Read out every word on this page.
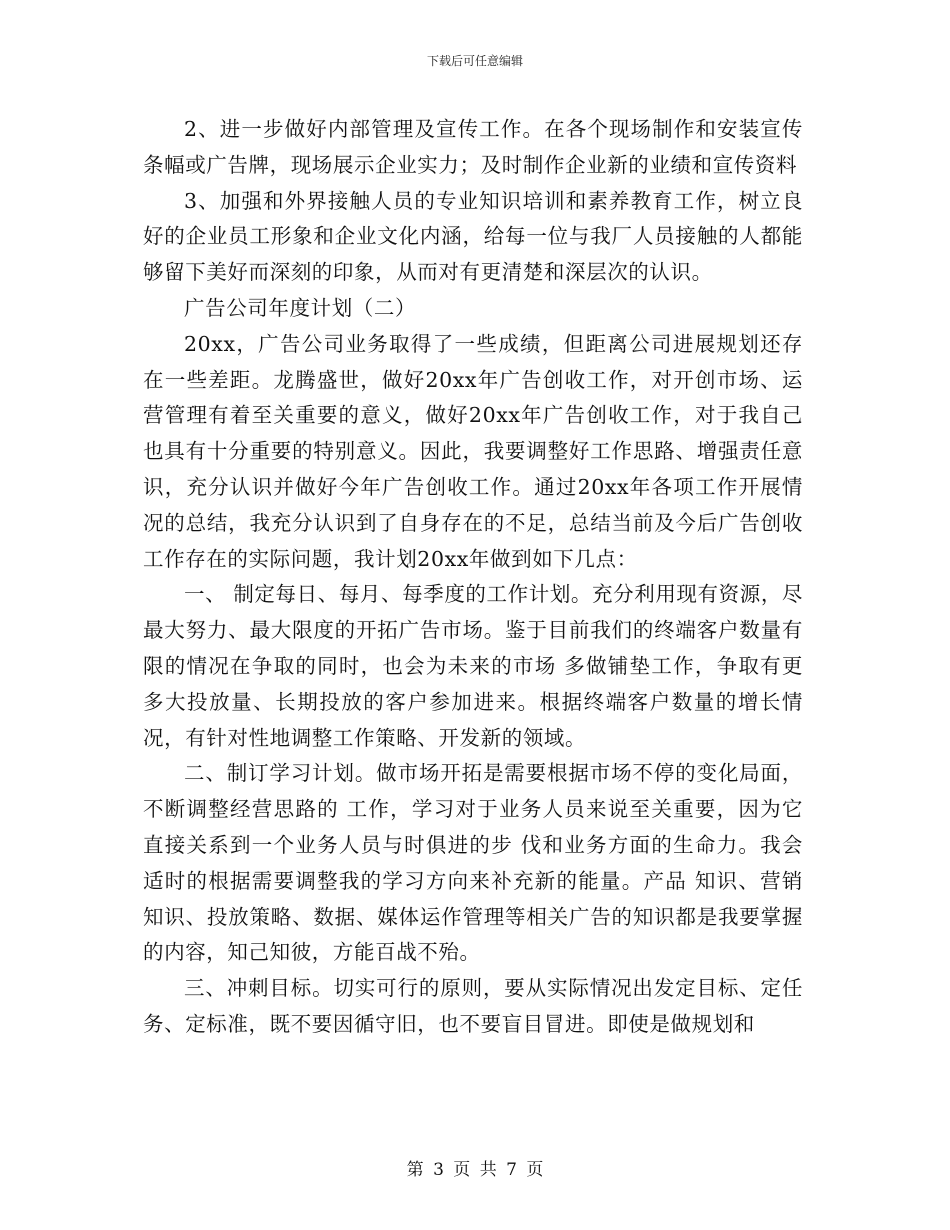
下载后可任意编辑

2、进一步做好内部管理及宣传工作。在各个现场制作和安装宣传条幅或广告牌，现场展示企业实力；及时制作企业新的业绩和宣传资料

3、加强和外界接触人员的专业知识培训和素养教育工作，树立良好的企业员工形象和企业文化内涵，给每一位与我厂人员接触的人都能够留下美好而深刻的印象，从而对有更清楚和深层次的认识。

广告公司年度计划（二）

20xx，广告公司业务取得了一些成绩，但距离公司进展规划还存在一些差距。龙腾盛世，做好20xx年广告创收工作，对开创市场、运营管理有着至关重要的意义，做好20xx年广告创收工作，对于我自己也具有十分重要的特别意义。因此，我要调整好工作思路、增强责任意识，充分认识并做好今年广告创收工作。通过20xx年各项工作开展情况的总结，我充分认识到了自身存在的不足，总结当前及今后广告创收工作存在的实际问题，我计划20xx年做到如下几点：

一、 制定每日、每月、每季度的工作计划。充分利用现有资源，尽最大努力、最大限度的开拓广告市场。鉴于目前我们的终端客户数量有限的情况在争取的同时，也会为未来的市场 多做铺垫工作，争取有更多大投放量、长期投放的客户参加进来。根据终端客户数量的增长情况，有针对性地调整工作策略、开发新的领域。

二、制订学习计划。做市场开拓是需要根据市场不停的变化局面，不断调整经营思路的 工作，学习对于业务人员来说至关重要，因为它直接关系到一个业务人员与时俱进的步 伐和业务方面的生命力。我会适时的根据需要调整我的学习方向来补充新的能量。产品 知识、营销知识、投放策略、数据、媒体运作管理等相关广告的知识都是我要掌握的内容，知己知彼，方能百战不殆。

三、冲刺目标。切实可行的原则，要从实际情况出发定目标、定任务、定标准，既不要因循守旧，也不要盲目冒进。即使是做规划和

第 3 页 共 7 页
